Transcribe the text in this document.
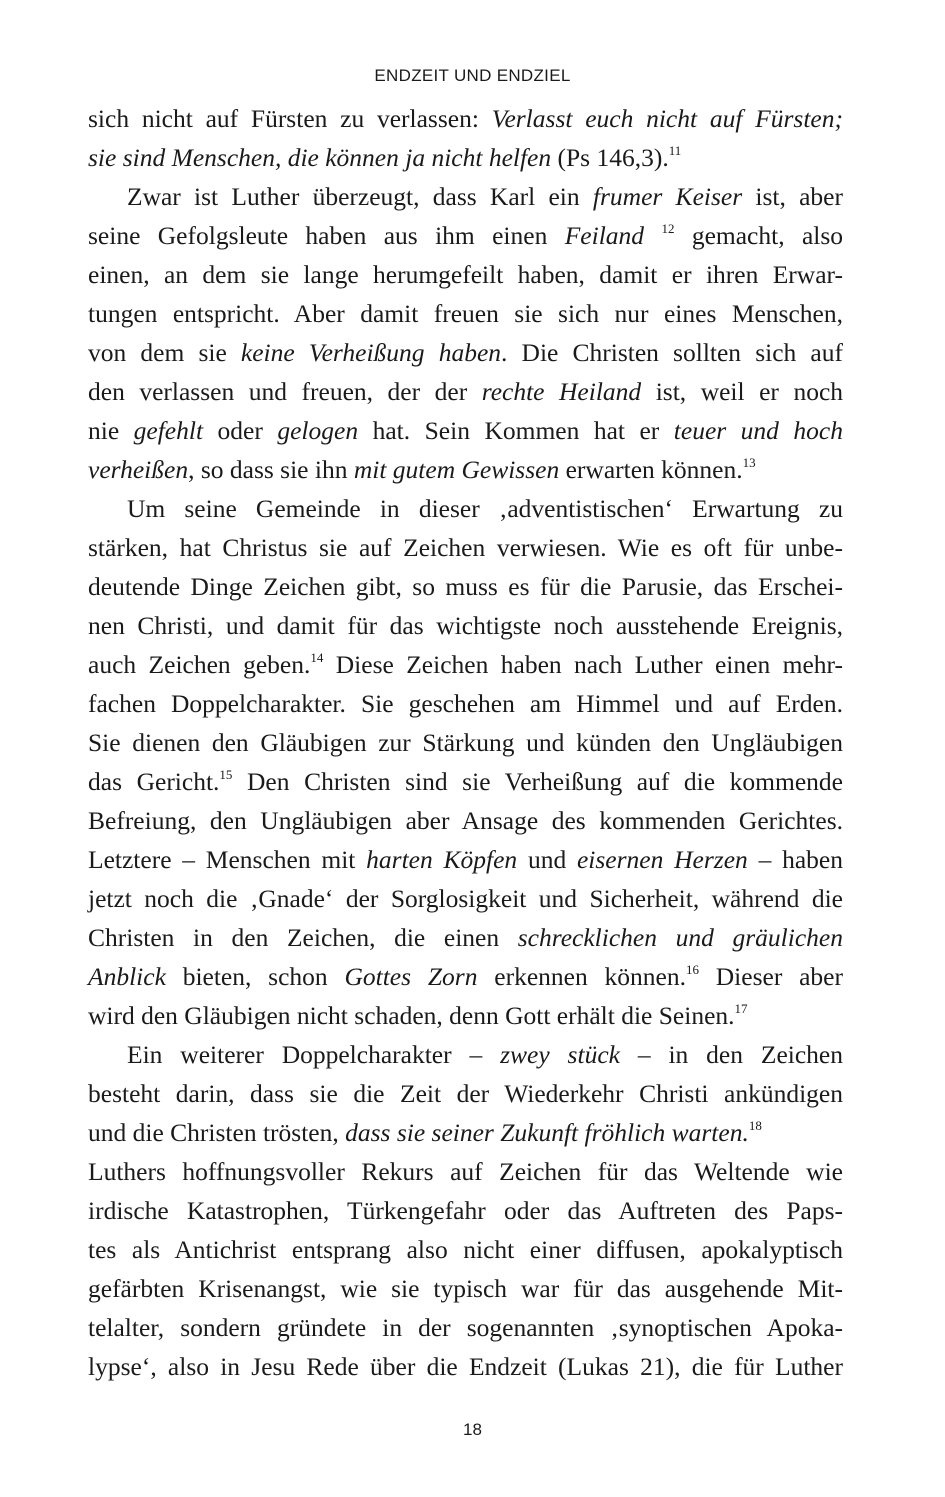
ENDZEIT UND ENDZIEL
sich nicht auf Fürsten zu verlassen: Verlasst euch nicht auf Fürsten;
sie sind Menschen, die können ja nicht helfen (Ps 146,3).$^{11}$
Zwar ist Luther überzeugt, dass Karl ein frumer Keiser ist, aber
seine Gefolgsleute haben aus ihm einen Feiland $^{12}$ gemacht, also
einen, an dem sie lange herumgefeilt haben, damit er ihren Erwar-
tungen entspricht. Aber damit freuen sie sich nur eines Menschen,
von dem sie keine Verheißung haben. Die Christen sollten sich auf
den verlassen und freuen, der der rechte Heiland ist, weil er noch
nie gefehlt oder gelogen hat. Sein Kommen hat er teuer und hoch
verheißen, so dass sie ihn mit gutem Gewissen erwarten können.$^{13}$
Um seine Gemeinde in dieser ‚adventistischen‘ Erwartung zu
stärken, hat Christus sie auf Zeichen verwiesen. Wie es oft für unbe-
deutende Dinge Zeichen gibt, so muss es für die Parusie, das Erschei-
nen Christi, und damit für das wichtigste noch ausstehende Ereignis,
auch Zeichen geben.$^{14}$ Diese Zeichen haben nach Luther einen mehr-
fachen Doppelcharakter. Sie geschehen am Himmel und auf Erden.
Sie dienen den Gläubigen zur Stärkung und künden den Ungläubigen
das Gericht.$^{15}$ Den Christen sind sie Verheißung auf die kommende
Befreiung, den Ungläubigen aber Ansage des kommenden Gerichtes.
Letztere – Menschen mit harten Köpfen und eisernen Herzen – haben
jetzt noch die ‚Gnade‘ der Sorglosigkeit und Sicherheit, während die
Christen in den Zeichen, die einen schrecklichen und gräulichen
Anblick bieten, schon Gottes Zorn erkennen können.$^{16}$ Dieser aber
wird den Gläubigen nicht schaden, denn Gott erhält die Seinen.$^{17}$
Ein weiterer Doppelcharakter – zwey stück – in den Zeichen
besteht darin, dass sie die Zeit der Wiederkehr Christi ankündigen
und die Christen trösten, dass sie seiner Zukunft fröhlich warten.$^{18}$
Luthers hoffnungsvoller Rekurs auf Zeichen für das Weltende wie
irdische Katastrophen, Türkengefahr oder das Auftreten des Paps-
tes als Antichrist entsprang also nicht einer diffusen, apokalyptisch
gefärbten Krisenangst, wie sie typisch war für das ausgehende Mit-
telalter, sondern gründete in der sogenannten ‚synoptischen Apoka-
lypse‘, also in Jesu Rede über die Endzeit (Lukas 21), die für Luther
18
